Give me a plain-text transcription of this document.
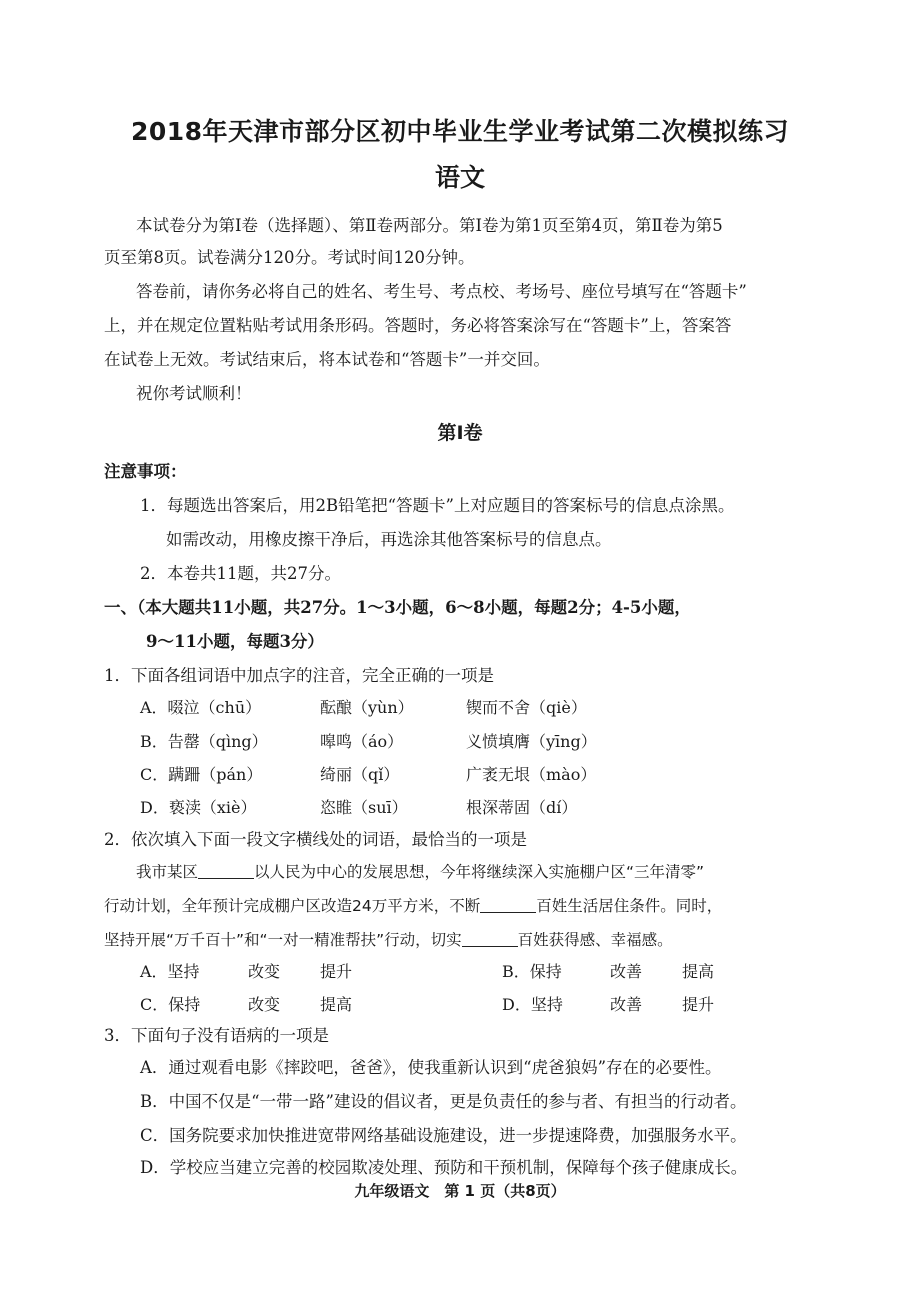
2018年天津市部分区初中毕业生学业考试第二次模拟练习
语文
本试卷分为第Ⅰ卷（选择题）、第Ⅱ卷两部分。第Ⅰ卷为第1页至第4页，第Ⅱ卷为第5
页至第8页。试卷满分120分。考试时间120分钟。
答卷前，请你务必将自己的姓名、考生号、考点校、考场号、座位号填写在“答题卡”
上，并在规定位置粘贴考试用条形码。答题时，务必将答案涂写在“答题卡”上，答案答
在试卷上无效。考试结束后，将本试卷和“答题卡”一并交回。
祝你考试顺利！
第Ⅰ卷
注意事项：
1．每题选出答案后，用2B铅笔把“答题卡”上对应题目的答案标号的信息点涂黑。
如需改动，用橡皮擦干净后，再选涂其他答案标号的信息点。
2．本卷共11题，共27分。
一、（本大题共11小题，共27分。1～3小题，6～8小题，每题2分；4-5小题，
9～11小题，每题3分）
1．下面各组词语中加点字的注音，完全正确的一项是
A．啜泣（chū）	酝酿（yùn）	锲而不舍（qiè）
B．告罄（qìng）	嗥鸣（áo）	义愤填膺（yīng）
C．蹒跚（pán）	绮丽（qǐ）	广袤无垠（mào）
D．亵渎（xiè）	恣睢（suī）	根深蒂固（dí）
2．依次填入下面一段文字横线处的词语，最恰当的一项是
我市某区	以人民为中心的发展思想，今年将继续深入实施棚户区“三年清零”
行动计划，全年预计完成棚户区改造24万平方米，不断	百姓生活居住条件。同时，
坚持开展“万千百十”和“一对一精准帮扶”行动，切实	百姓获得感、幸福感。
A．坚持	改变 提升	B．保持	改善 提高
C．保持	改变 提高	D．坚持	改善 提升
3．下面句子没有语病的一项是
A．通过观看电影《摔跤吧，爸爸》，使我重新认识到“虎爸狼妈”存在的必要性。
B．中国不仅是“一带一路”建设的倡议者，更是负责任的参与者、有担当的行动者。
C．国务院要求加快推进宽带网络基础设施建设，进一步提速降费，加强服务水平。
D．学校应当建立完善的校园欺凌处理、预防和干预机制，保障每个孩子健康成长。
九年级语文　第 1 页（共8页）
